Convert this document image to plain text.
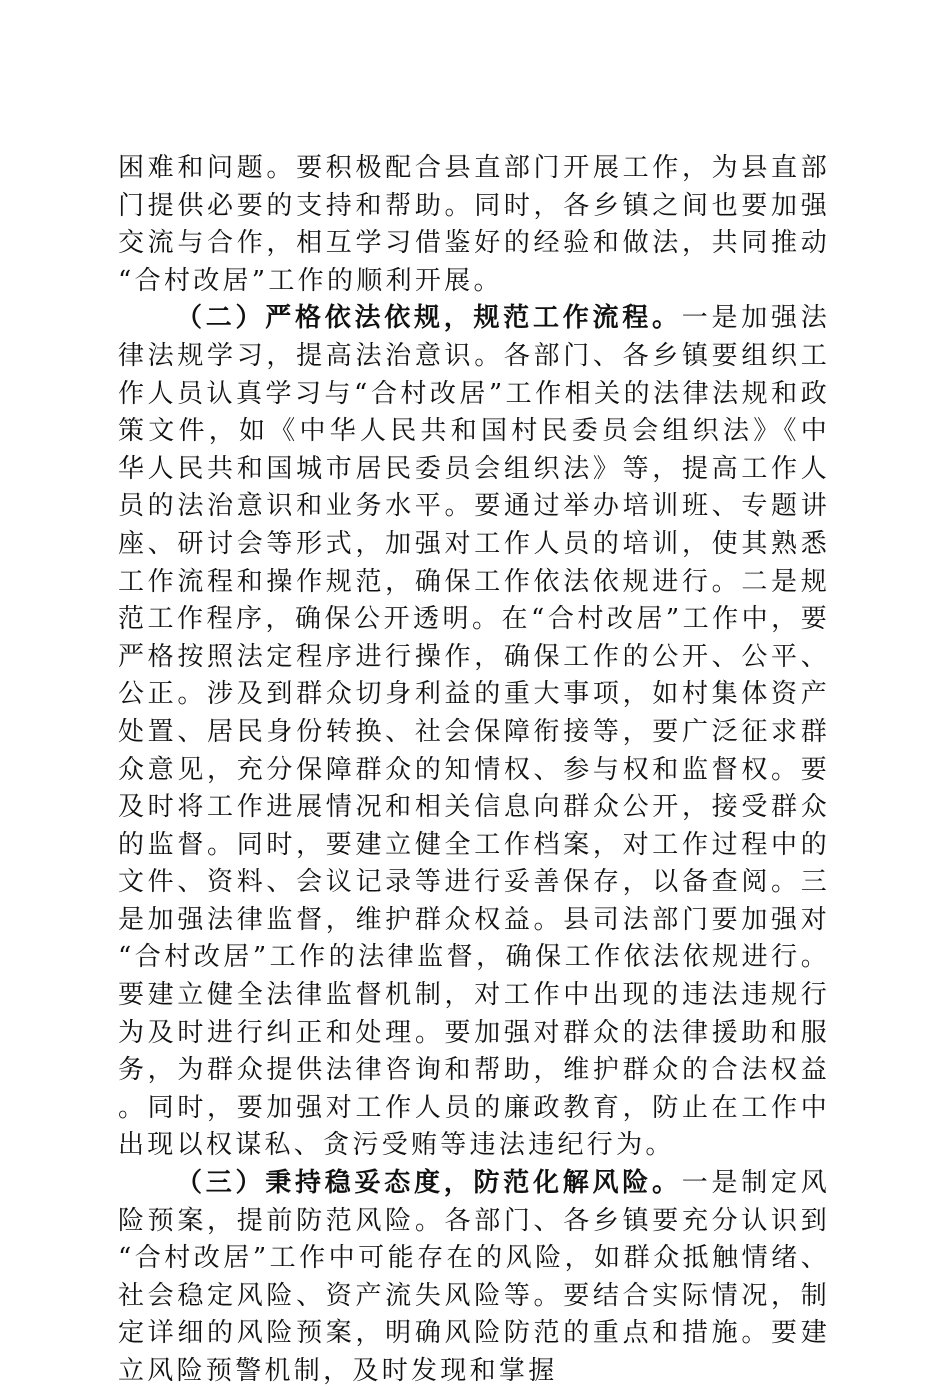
困难和问题。要积极配合县直部门开展工作，为县直部门提供必要的支持和帮助。同时，各乡镇之间也要加强交流与合作，相互学习借鉴好的经验和做法，共同推动“合村改居”工作的顺利开展。

（二）严格依法依规，规范工作流程。一是加强法律法规学习，提高法治意识。各部门、各乡镇要组织工作人员认真学习与“合村改居”工作相关的法律法规和政策文件，如《中华人民共和国村民委员会组织法》《中华人民共和国城市居民委员会组织法》等，提高工作人员的法治意识和业务水平。要通过举办培训班、专题讲座、研讨会等形式，加强对工作人员的培训，使其熟悉工作流程和操作规范，确保工作依法依规进行。二是规范工作程序，确保公开透明。在“合村改居”工作中，要严格按照法定程序进行操作，确保工作的公开、公平、公正。涉及到群众切身利益的重大事项，如村集体资产处置、居民身份转换、社会保障衔接等，要广泛征求群众意见，充分保障群众的知情权、参与权和监督权。要及时将工作进展情况和相关信息向群众公开，接受群众的监督。同时，要建立健全工作档案，对工作过程中的文件、资料、会议记录等进行妥善保存，以备查阅。三是加强法律监督，维护群众权益。县司法部门要加强对“合村改居”工作的法律监督，确保工作依法依规进行。要建立健全法律监督机制，对工作中出现的违法违规行为及时进行纠正和处理。要加强对群众的法律援助和服务，为群众提供法律咨询和帮助，维护群众的合法权益。同时，要加强对工作人员的廉政教育，防止在工作中出现以权谋私、贪污受贿等违法违纪行为。

（三）秉持稳妥态度，防范化解风险。一是制定风险预案，提前防范风险。各部门、各乡镇要充分认识到“合村改居”工作中可能存在的风险，如群众抵触情绪、社会稳定风险、资产流失风险等。要结合实际情况，制定详细的风险预案，明确风险防范的重点和措施。要建立风险预警机制，及时发现和掌握
